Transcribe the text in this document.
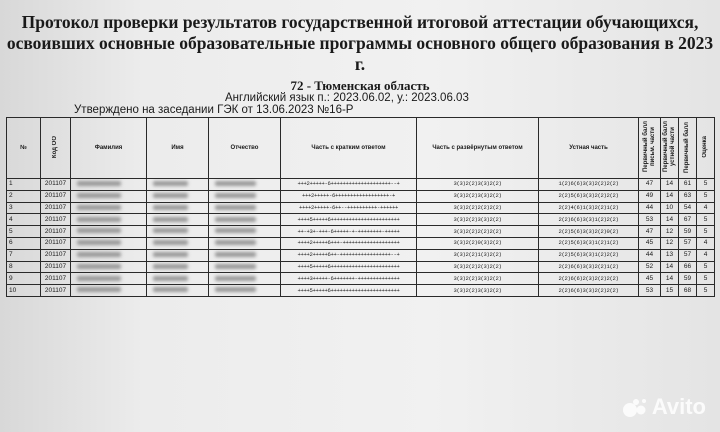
Протокол проверки результатов государственной итоговой аттестации обучающихся,
освоивших основные образовательные программы основного общего образования в 2023
г.
72 - Тюменская область
Английский язык п.: 2023.06.02, у.: 2023.06.03
Утверждено на заседании ГЭК от 13.06.2023 №16-Р
№	Код ОО	Фамилия	Имя	Отчество	Часть с кратким ответом	Часть с развёрнутым ответом	Устная часть	Первичный балл письм. части	Первичный балл устной части	Первичный балл	Оценка
1	201107				+++2+++++-6++++++++++++++++++++--+	3(3)2(2)3(3)2(2)	1(2)6(6)3(3)2(2)2(2)	47	14	61	5
2	201107				+++2+++++-6++++++++++++++++++-+	3(3)2(2)3(3)2(2)	2(2)5(6)3(3)2(2)2(2)	49	14	63	5
3	201107				++++2+++++-6++--++++++++++-++++++	3(3)2(2)2(2)2(2)	2(2)4(6)1(3)2(2)1(2)	44	10	54	4
4	201107				++++5+++++6+++++++++++++++++++++++	3(3)2(2)3(3)2(2)	2(2)6(6)3(3)1(2)2(2)	53	14	67	5
5	201107				++-+3+-+++-6+++++-+-++++++++-+++++	3(3)2(2)2(2)2(2)	2(2)5(6)3(3)2(2)0(2)	47	12	59	5
6	201107				++++2+++++6+++-+++++++++++++++++++	3(3)2(2)0(3)2(2)	2(2)5(6)3(3)1(2)1(2)	45	12	57	4
7	201107				++++2+++++6++-+++++++++++++++++--+	3(3)2(2)1(3)2(2)	2(2)5(6)3(3)1(2)2(2)	44	13	57	4
8	201107				++++5+++++6+++++++++++++++++++++++	3(3)2(2)2(3)2(2)	2(2)6(6)3(3)2(2)1(2)	52	14	66	5
9	201107				++++3+++++-6+++++++-++++++++++++++	3(3)2(2)3(3)2(2)	2(2)6(6)2(3)2(2)2(2)	45	14	59	5
10	201107				++++5+++++6+++++++++++++++++++++++	3(3)2(2)3(3)2(2)	2(2)6(6)3(3)2(2)2(2)	53	15	68	5
Avito
